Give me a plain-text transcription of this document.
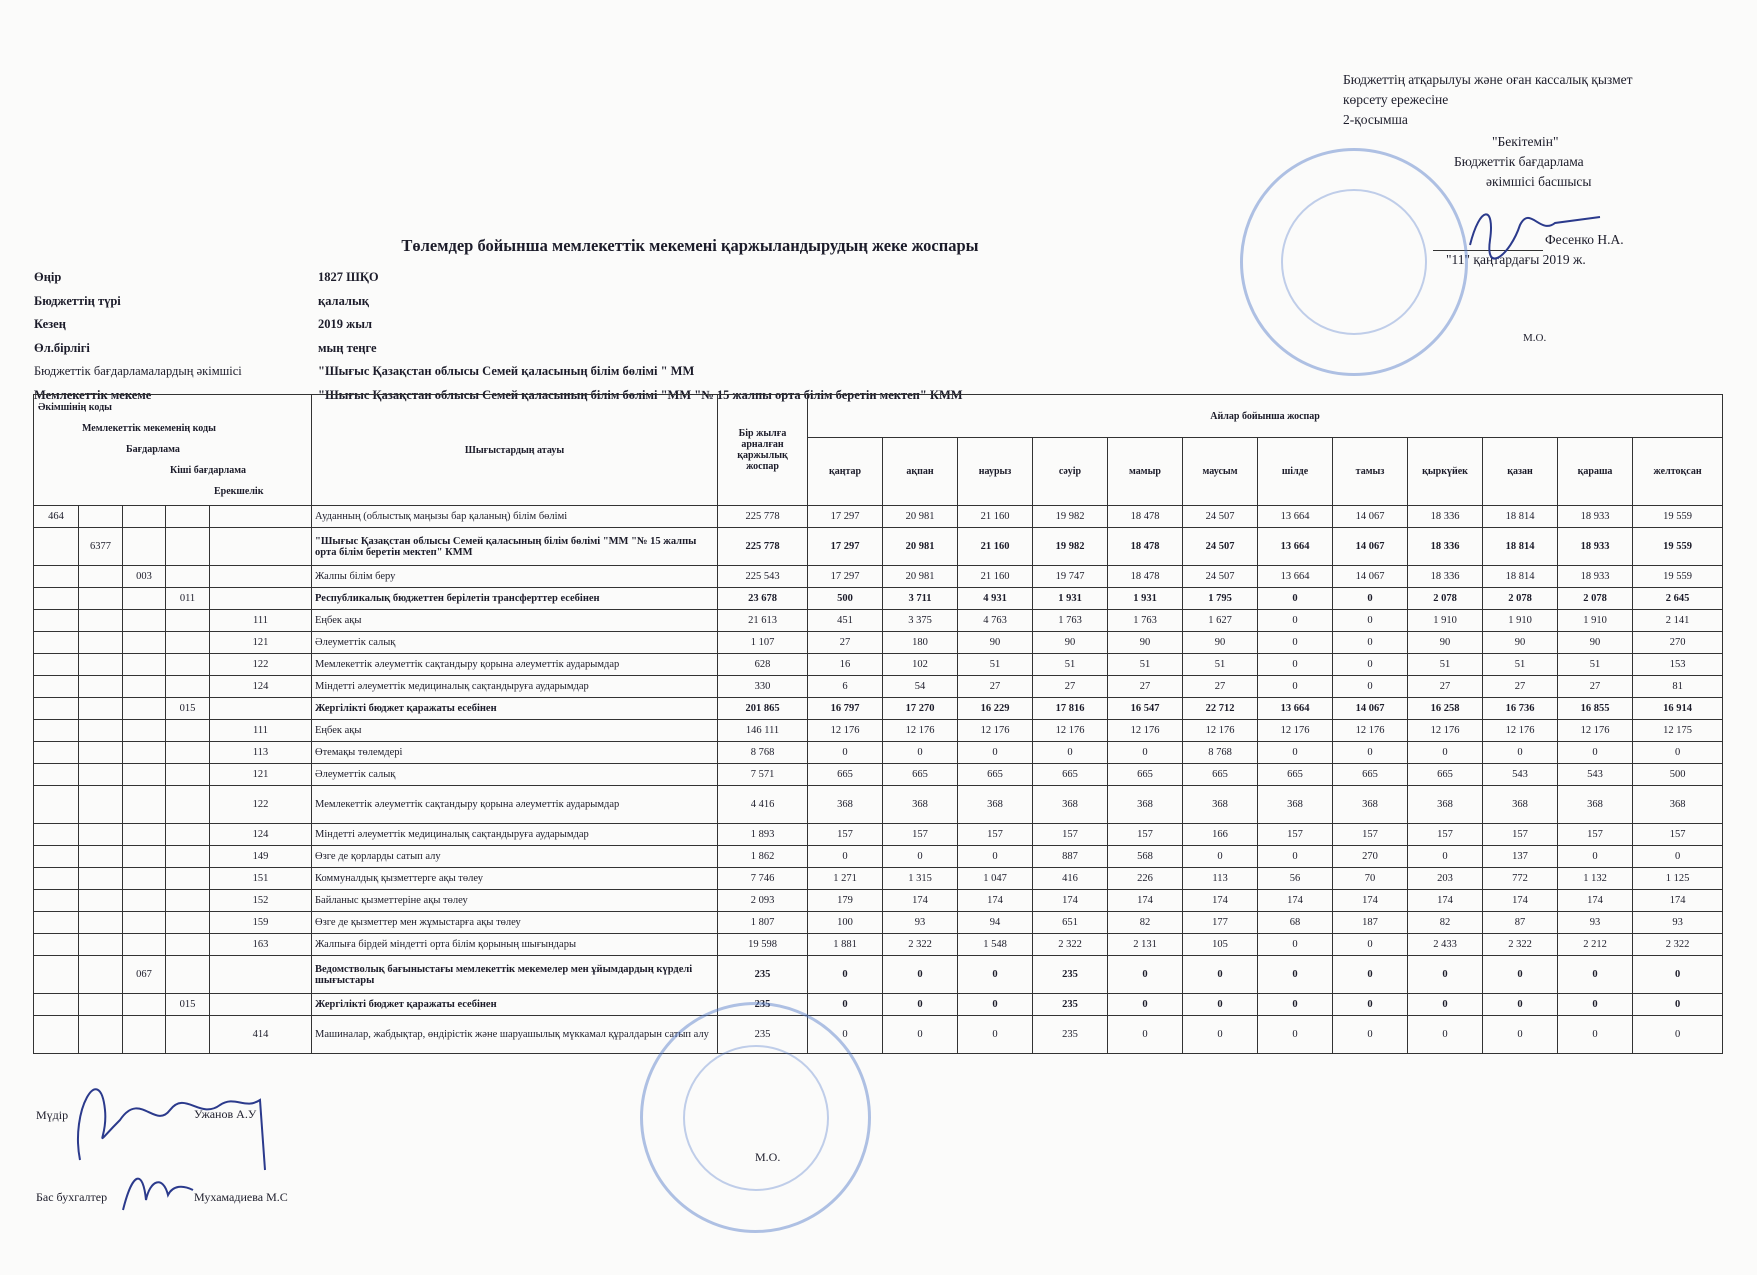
Бюджеттің атқарылуы және оған кассалық қызмет
көрсету ережесіне
2-қосымша
"Бекітемін"
Бюджеттік бағдарлама
әкімшісі басшысы
Фесенко Н.А.
"11" қаңтардағы 2019 ж.
М.О.
Төлемдер бойынша мемлекеттік мекемені қаржыландырудың жеке жоспары
Өңір	1827 ШҚО
Бюджеттің түрі	қалалық
Кезең	2019 жыл
Өл.бірлігі	мың теңге
Бюджеттік бағдарламалардың әкімшісі	"Шығыс Қазақстан облысы Семей қаласының білім бөлімі " ММ
Мемлекеттік мекеме	"Шығыс Қазақстан облысы Семей қаласының білім бөлімі "ММ "№ 15 жалпы орта білім беретін мектеп" КММ
Әкімшінің коды
Мемлекеттік мекеменің коды
Бағдарлама
Кіші бағдарлама
Ерекшелік					Шығыстардың атауы	Бір жылға арналған қаржылық жоспар	Айлар бойынша жоспар											
							қаңтар	ақпан	наурыз	сәуір	мамыр	маусым	шілде	тамыз	қыркүйек	қазан	қараша	желтоқсан
464					Ауданның (облыстық маңызы бар қаланың) білім бөлімі	225 778	17 297	20 981	21 160	19 982	18 478	24 507	13 664	14 067	18 336	18 814	18 933	19 559
	6377				"Шығыс Қазақстан облысы Семей қаласының білім бөлімі "ММ "№ 15 жалпы орта білім беретін мектеп" КММ	225 778	17 297	20 981	21 160	19 982	18 478	24 507	13 664	14 067	18 336	18 814	18 933	19 559
		003			Жалпы білім беру	225 543	17 297	20 981	21 160	19 747	18 478	24 507	13 664	14 067	18 336	18 814	18 933	19 559
			011		Республикалық бюджеттен берілетін трансферттер есебінен	23 678	500	3 711	4 931	1 931	1 931	1 795	0	0	2 078	2 078	2 078	2 645
				111	Еңбек ақы	21 613	451	3 375	4 763	1 763	1 763	1 627	0	0	1 910	1 910	1 910	2 141
				121	Әлеуметтік салық	1 107	27	180	90	90	90	90	0	0	90	90	90	270
				122	Мемлекеттік әлеуметтік сақтандыру қорына әлеуметтік аударымдар	628	16	102	51	51	51	51	0	0	51	51	51	153
				124	Міндетті әлеуметтік медициналық сақтандыруға аударымдар	330	6	54	27	27	27	27	0	0	27	27	27	81
			015		Жергілікті бюджет қаражаты есебінен	201 865	16 797	17 270	16 229	17 816	16 547	22 712	13 664	14 067	16 258	16 736	16 855	16 914
				111	Еңбек ақы	146 111	12 176	12 176	12 176	12 176	12 176	12 176	12 176	12 176	12 176	12 176	12 176	12 175
				113	Өтемақы төлемдері	8 768	0	0	0	0	0	8 768	0	0	0	0	0	0
				121	Әлеуметтік салық	7 571	665	665	665	665	665	665	665	665	665	543	543	500
				122	Мемлекеттік әлеуметтік сақтандыру қорына әлеуметтік аударымдар	4 416	368	368	368	368	368	368	368	368	368	368	368	368
				124	Міндетті әлеуметтік медициналық сақтандыруға аударымдар	1 893	157	157	157	157	157	166	157	157	157	157	157	157
				149	Өзге де қорларды сатып алу	1 862	0	0	0	887	568	0	0	270	0	137	0	0
				151	Коммуналдық қызметтерге ақы төлеу	7 746	1 271	1 315	1 047	416	226	113	56	70	203	772	1 132	1 125
				152	Байланыс қызметтеріне ақы төлеу	2 093	179	174	174	174	174	174	174	174	174	174	174	174
				159	Өзге де қызметтер мен жұмыстарға ақы төлеу	1 807	100	93	94	651	82	177	68	187	82	87	93	93
				163	Жалпыға бірдей міндетті орта білім қорының шығындары	19 598	1 881	2 322	1 548	2 322	2 131	105	0	0	2 433	2 322	2 212	2 322
		067			Ведомстволық бағыныстағы мемлекеттік мекемелер мен ұйымдардың күрделі шығыстары	235	0	0	0	235	0	0	0	0	0	0	0	0
			015		Жергілікті бюджет қаражаты есебінен	235	0	0	0	235	0	0	0	0	0	0	0	0
				414	Машиналар, жабдықтар, өндірістік және шаруашылық мүккамал құралдарын сатып алу	235	0	0	0	235	0	0	0	0	0	0	0	0
М.О.
Мүдір	Ужанов А.У
Бас бухгалтер	Мухамадиева М.С
